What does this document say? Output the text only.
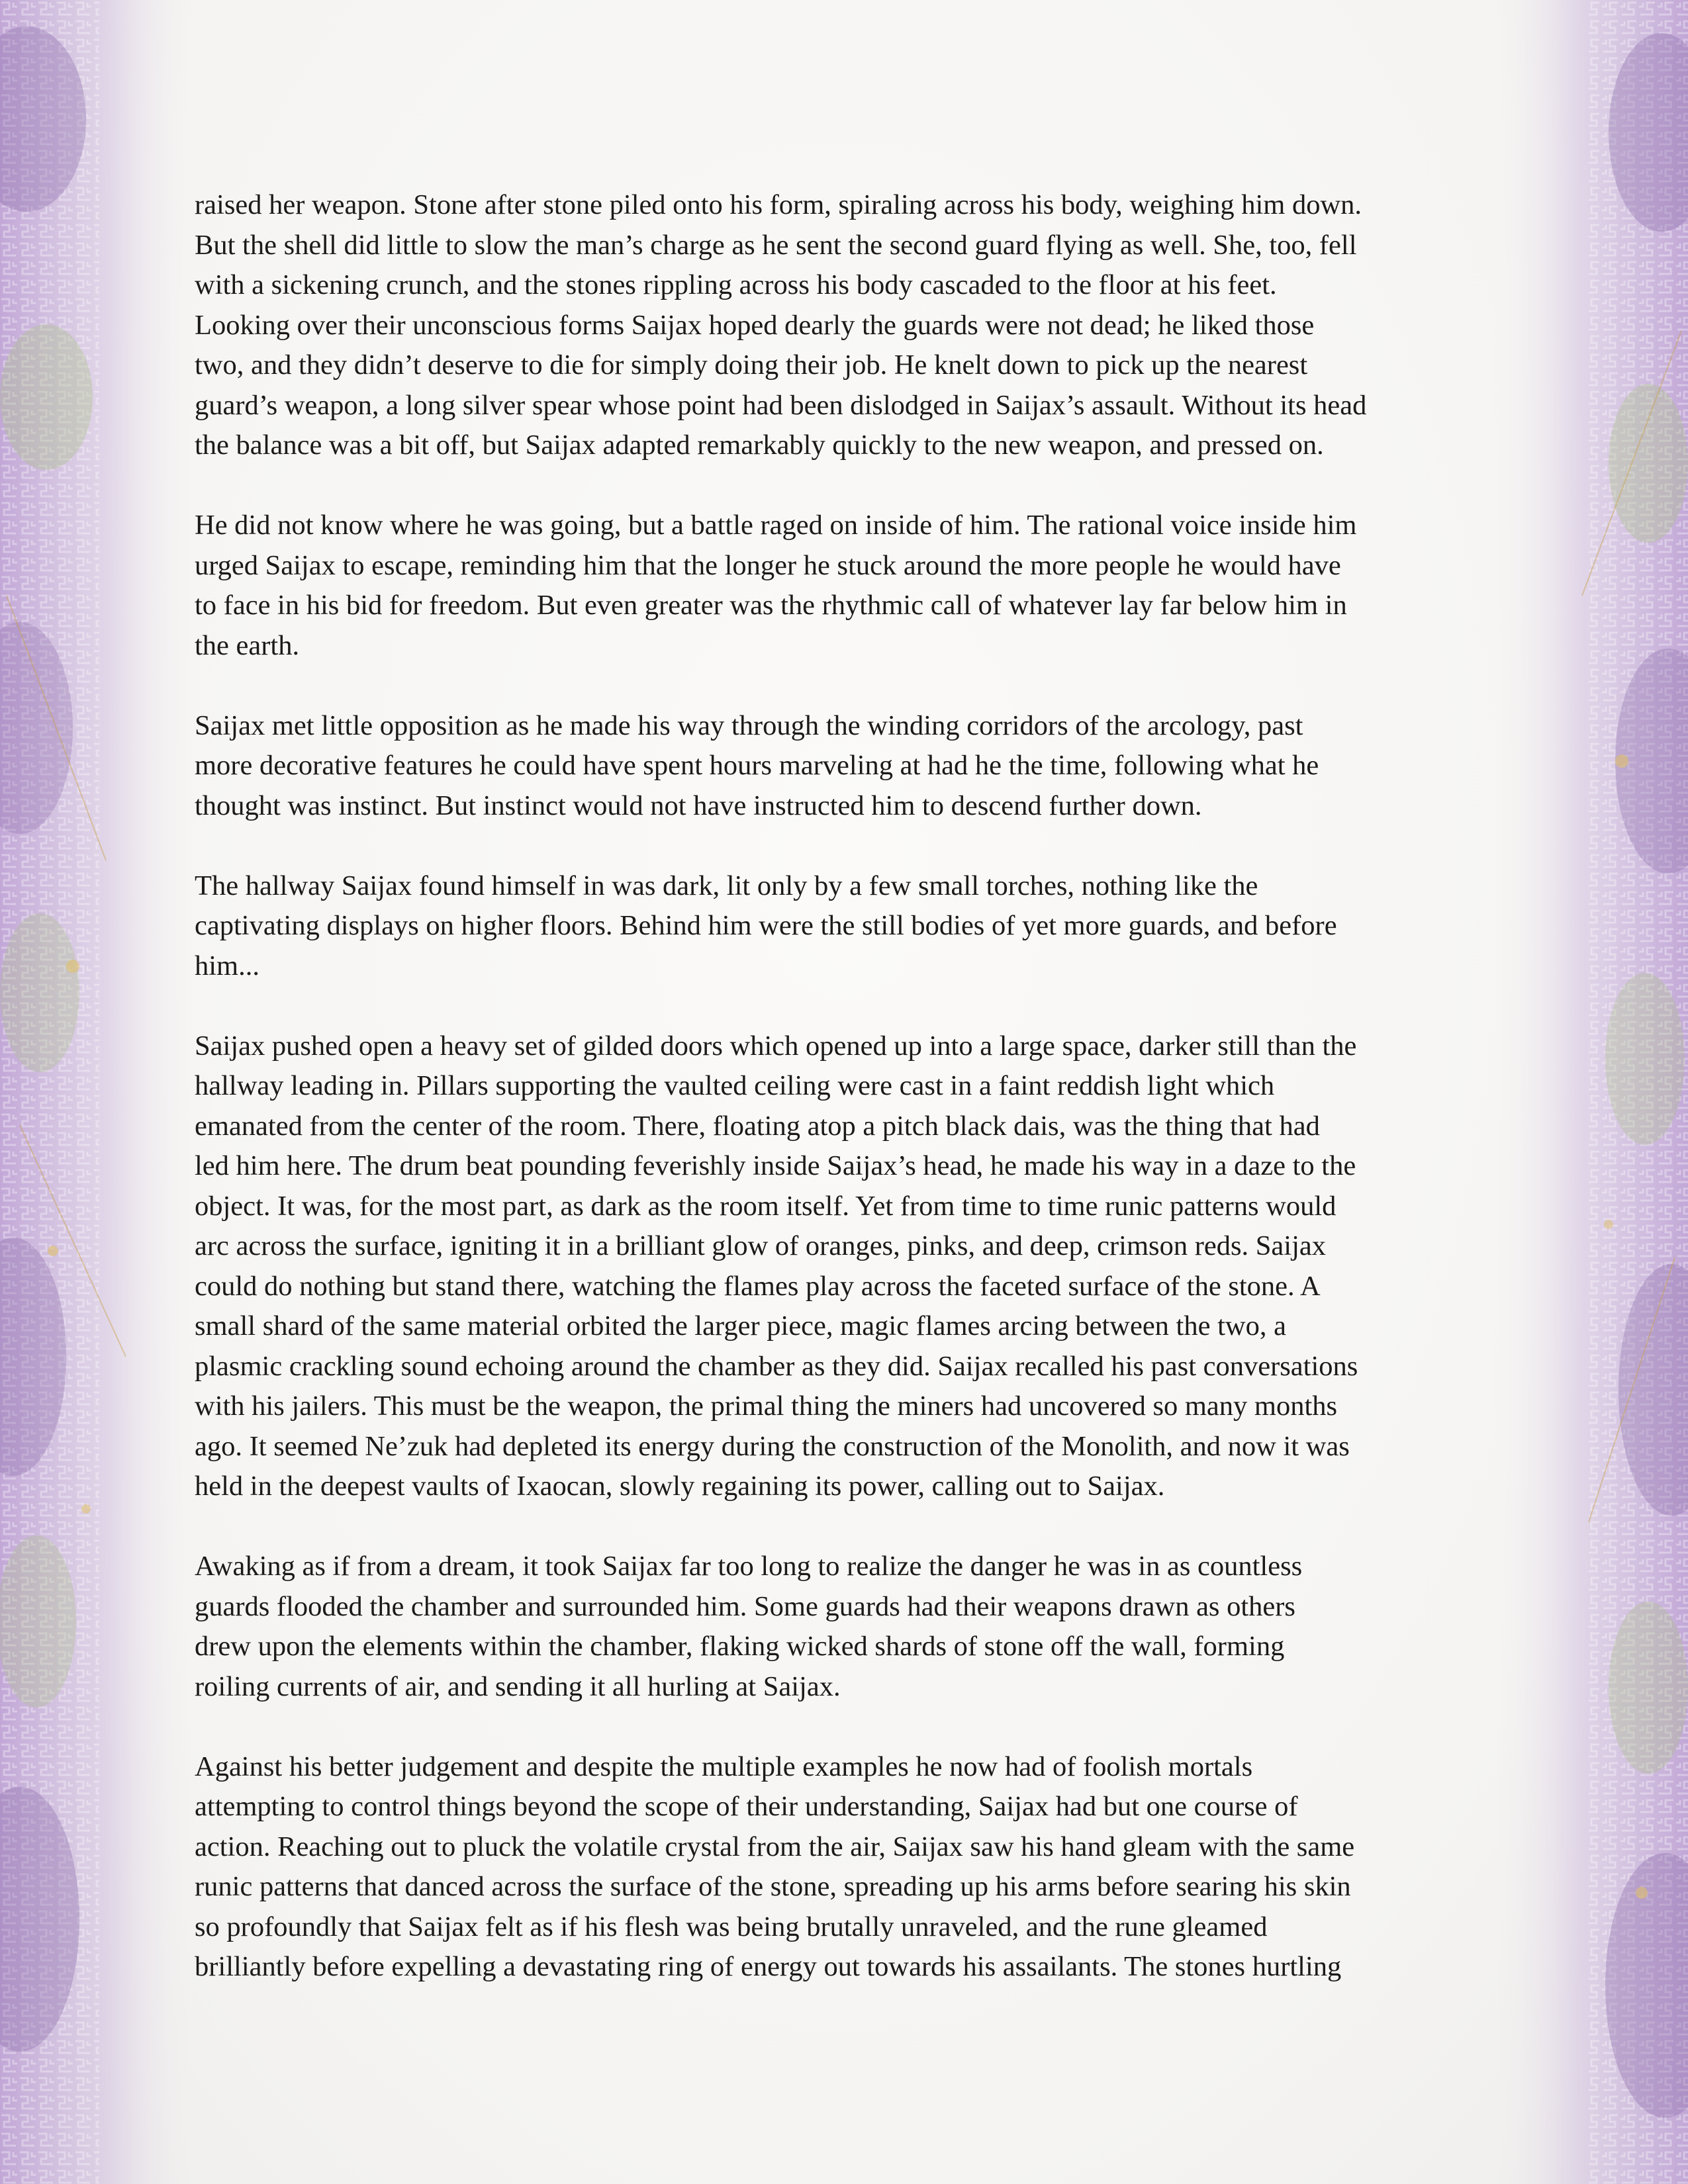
raised her weapon. Stone after stone piled onto his form, spiraling across his body, weighing him down.
But the shell did little to slow the man’s charge as he sent the second guard flying as well. She, too, fell
with a sickening crunch, and the stones rippling across his body cascaded to the floor at his feet.
Looking over their unconscious forms Saijax hoped dearly the guards were not dead; he liked those
two, and they didn’t deserve to die for simply doing their job. He knelt down to pick up the nearest
guard’s weapon, a long silver spear whose point had been dislodged in Saijax’s assault. Without its head
the balance was a bit off, but Saijax adapted remarkably quickly to the new weapon, and pressed on.

He did not know where he was going, but a battle raged on inside of him. The rational voice inside him
urged Saijax to escape, reminding him that the longer he stuck around the more people he would have
to face in his bid for freedom. But even greater was the rhythmic call of whatever lay far below him in
the earth.

Saijax met little opposition as he made his way through the winding corridors of the arcology, past
more decorative features he could have spent hours marveling at had he the time, following what he
thought was instinct. But instinct would not have instructed him to descend further down.

The hallway Saijax found himself in was dark, lit only by a few small torches, nothing like the
captivating displays on higher floors. Behind him were the still bodies of yet more guards, and before
him...

Saijax pushed open a heavy set of gilded doors which opened up into a large space, darker still than the
hallway leading in. Pillars supporting the vaulted ceiling were cast in a faint reddish light which
emanated from the center of the room. There, floating atop a pitch black dais, was the thing that had
led him here. The drum beat pounding feverishly inside Saijax’s head, he made his way in a daze to the
object. It was, for the most part, as dark as the room itself. Yet from time to time runic patterns would
arc across the surface, igniting it in a brilliant glow of oranges, pinks, and deep, crimson reds. Saijax
could do nothing but stand there, watching the flames play across the faceted surface of the stone. A
small shard of the same material orbited the larger piece, magic flames arcing between the two, a
plasmic crackling sound echoing around the chamber as they did. Saijax recalled his past conversations
with his jailers. This must be the weapon, the primal thing the miners had uncovered so many months
ago. It seemed Ne’zuk had depleted its energy during the construction of the Monolith, and now it was
held in the deepest vaults of Ixaocan, slowly regaining its power, calling out to Saijax.

Awaking as if from a dream, it took Saijax far too long to realize the danger he was in as countless
guards flooded the chamber and surrounded him. Some guards had their weapons drawn as others
drew upon the elements within the chamber, flaking wicked shards of stone off the wall, forming
roiling currents of air, and sending it all hurling at Saijax.

Against his better judgement and despite the multiple examples he now had of foolish mortals
attempting to control things beyond the scope of their understanding, Saijax had but one course of
action. Reaching out to pluck the volatile crystal from the air, Saijax saw his hand gleam with the same
runic patterns that danced across the surface of the stone, spreading up his arms before searing his skin
so profoundly that Saijax felt as if his flesh was being brutally unraveled, and the rune gleamed
brilliantly before expelling a devastating ring of energy out towards his assailants. The stones hurtling
